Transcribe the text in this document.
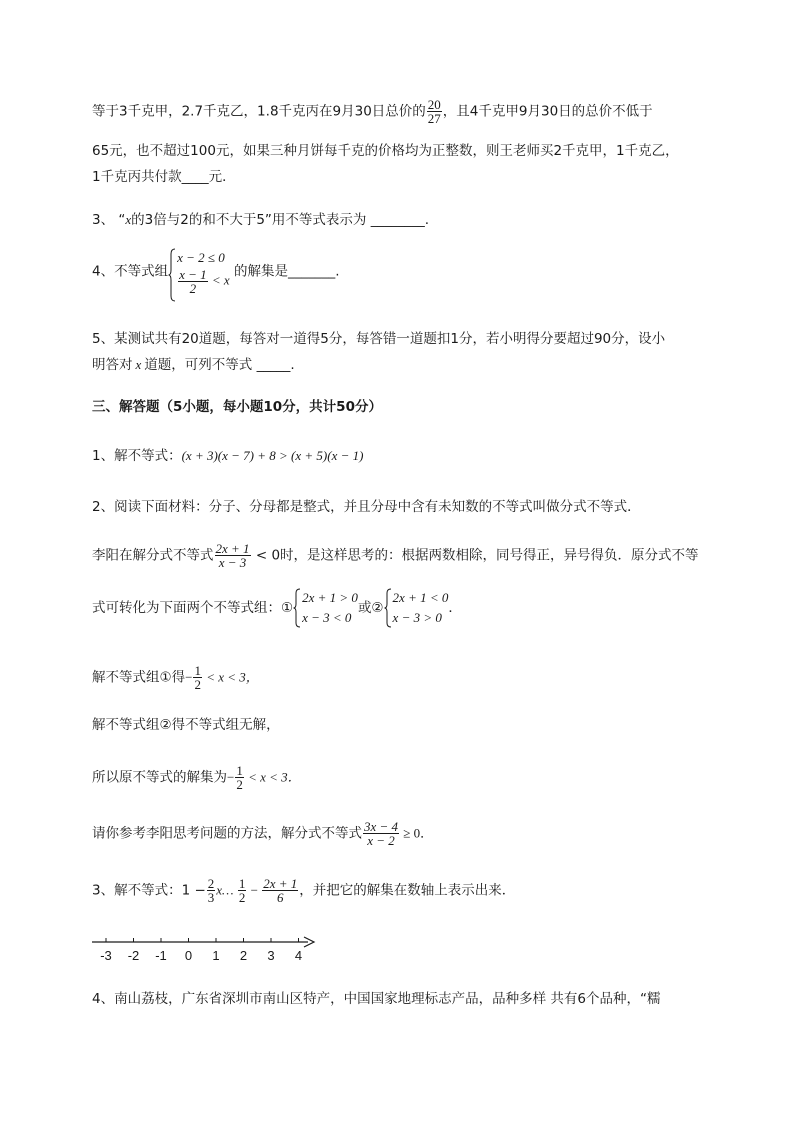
等于3千克甲，2.7千克乙，1.8千克丙在9月30日总价的 $\frac{20}{27}$ ，且4千克甲9月30日的总价不低于
65元，也不超过100元，如果三种月饼每千克的价格均为正整数，则王老师买2千克甲，1千克乙，
1千克丙共付款____元．
3、 “x的3倍与2的和不大于5”用不等式表示为 ________.
4、不等式组
x − 2 ≤ 0
$\frac{x - 1}{2} < x$
的解集是_______.
5、某测试共有20道题，每答对一道得5分，每答错一道题扣1分，若小明得分要超过90分，设小
明答对 x 道题，可列不等式 _____.
三、解答题（5小题，每小题10分，共计50分）
1、解不等式：(x + 3)(x − 7) + 8 > (x + 5)(x − 1)
2、阅读下面材料：分子、分母都是整式，并且分母中含有未知数的不等式叫做分式不等式．
李阳在解分式不等式 $\frac{2x + 1}{x - 3} < 0$时，是这样思考的：根据两数相除，同号得正，异号得负．原分式不等
式可转化为下面两个不等式组：①
2x + 1 > 0
x − 3 < 0
或②
2x + 1 < 0
x − 3 > 0
．
解不等式组①得− $\frac{1}{2} < x < 3$，
解不等式组②得不等式组无解，
所以原不等式的解集为− $\frac{1}{2} < x < 3$．
请你参考李阳思考问题的方法，解分式不等式 $\frac{3x - 4}{x - 2} \ge 0$．
3、解不等式：$1 - \frac{2}{3}$ x… $\frac{1}{2} - \frac{2x + 1}{6}$ ，并把它的解集在数轴上表示出来．
-3 -2 -1 0 1 2 3 4
4、南山荔枝，广东省深圳市南山区特产，中国国家地理标志产品，品种多样 共有6个品种，“糯
